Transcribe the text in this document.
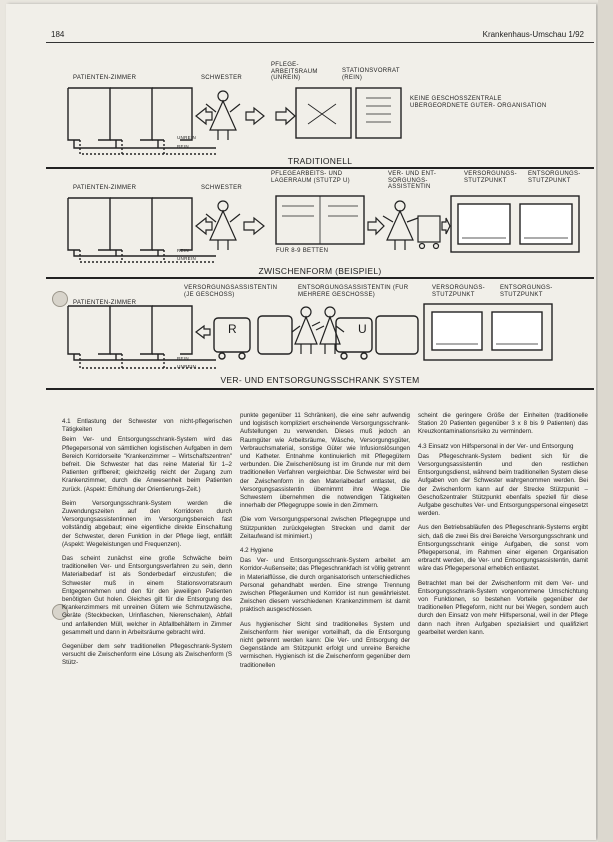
184	Krankenhaus-Umschau 1/92
PATIENTEN-ZIMMER	SCHWESTER
PFLEGE- ARBEITSRAUM (UNREIN)
STATIONSVORRAT (REIN)
KEINE GESCHOSSZENTRALE UBERGEORDNETE GUTER- ORGANISATION
UNREIN
REIN
TRADITIONELL
PATIENTEN-ZIMMER	SCHWESTER
PFLEGEARBEITS- UND LAGERRAUM (STUTZP U)
VER- UND ENT- SORGUNGS- ASSISTENTIN
VERSORGUNGS- STUTZPUNKT
ENTSORGUNGS- STUTZPUNKT
FUR 8-9 BETTEN
REIN
UNREIN
ZWISCHENFORM (BEISPIEL)
PATIENTEN-ZIMMER
VERSORGUNGSASSISTENTIN (JE GESCHOSS)
ENTSORGUNGSASSISTENTIN (FUR MEHRERE GESCHOSSE)
VERSORGUNGS- STUTZPUNKT
ENTSORGUNGS- STUTZPUNKT
REIN
UNREIN
R	U
VER- UND ENTSORGUNGSSCHRANK SYSTEM
4.1 Entlastung der Schwester von nicht-pflegerischen Tätigkeiten

Beim Ver- und Entsorgungsschrank-System wird das Pflegepersonal von sämtlichen logistischen Aufgaben in dem Bereich Korridorseite "Krankenzimmer – Wirtschaftszentren" befreit. Die Schwester hat das reine Material für 1–2 Patienten griffbereit; gleichzeitig reicht der Zugang zum Krankenzimmer, durch die Anwesenheit beim Patienten zurück. (Aspekt: Erhöhung der Orientierungs-Zeit.)

Beim Versorgungsschrank-System werden die Zuwendungszeiten auf den Korridoren durch Versorgungsassistentinnen im Versorgungsbereich fast vollständig abgebaut; eine eigentliche direkte Einschaltung der Schwester, deren Funktion in der Pflege liegt, entfällt (Aspekt: Wegeleistungen und Frequenzen).

Das scheint zunächst eine große Schwäche beim traditionellen Ver- und Entsorgungsverfahren zu sein, denn Materialbedarf ist als Sonderbedarf einzustufen; die Schwester muß in einem Stationsvorratsraum Entgegennehmen und den für den jeweiligen Patienten benötigten Gut holen. Gleiches gilt für die Entsorgung des Krankenzimmers mit unreinen Gütern wie Schmutzwäsche, Geräte (Steckbecken, Urinflaschen, Nierenschalen), Abfall und anfallenden Müll, welcher in Abfallbehältern in Zimmer gesammelt und dann in Arbeitsräume gebracht wird.

Gegenüber dem sehr traditionellen Pflegeschrank-System versucht die Zwischenform eine Lösung als Zwischenform (S Stütz-

punkte gegenüber 11 Schränken), die eine sehr aufwendig und logistisch kompliziert erscheinende Versorgungsschrank-Aufstellungen zu verwenden. Dieses muß jedoch an Raumgüter wie Arbeitsräume, Wäsche, Versorgungsgüter, Verbrauchsmaterial, sonstige Güter wie Infusionslösungen und Katheter. Entnahme kontinuierlich mit Pflegegütern verbunden. Die Zwischenlösung ist im Grunde nur mit dem traditionellen Verfahren vergleichbar. Die Schwester wird bei der Zwischenform in den Materialbedarf entlastet, die Versorgungsassistentin übernimmt ihre Wege. Die Schwestern übernehmen die notwendigen Tätigkeiten innerhalb der Pflegegruppe sowie in den Zimmern.

(Die vom Versorgungspersonal zwischen Pflegegruppe und Stützpunkten zurückgelegten Strecken und damit der Zeitaufwand ist minimiert.)

4.2 Hygiene

Das Ver- und Entsorgungsschrank-System arbeitet am Korridor-Außenseite; das Pflegeschrankfach ist völlig getrennt in Materialflüsse, die durch organisatorisch unterschiedliches Personal gehandhabt werden. Eine strenge Trennung zwischen Pflegeräumen und Korridor ist nun gewährleistet. Zwischen diesem verschiedenen Krankenzimmern ist damit praktisch ausgeschlossen.

Aus hygienischer Sicht sind traditionelles System und Zwischenform hier weniger vorteilhaft, da die Entsorgung nicht getrennt werden kann: Die Ver- und Entsorgung der Gegenstände am Stützpunkt erfolgt und unreine Bereiche vermischen. Hygienisch ist die Zwischenform gegenüber dem traditionellen

scheint die geringere Größe der Einheiten (traditionelle Station 20 Patienten gegenüber 3 x 8 bis 9 Patienten) das Kreuzkontaminationsrisiko zu vermindern.

4.3 Einsatz von Hilfspersonal in der Ver- und Entsorgung

Das Pflegeschrank-System bedient sich für die Versorgungsassistentin und den restlichen Entsorgungsdienst, während beim traditionellen System diese Aufgaben von der Schwester wahrgenommen werden. Bei der Zwischenform kann auf der Strecke Stützpunkt – Geschoßzentraler Stützpunkt ebenfalls speziell für diese Aufgabe geschultes Ver- und Entsorgungspersonal eingesetzt werden.

Aus den Betriebsabläufen des Pflegeschrank-Systems ergibt sich, daß die zwei Bis drei Bereiche Versorgungsschrank und Entsorgungsschrank einige Aufgaben, die sonst vom Pflegepersonal, im Rahmen einer eigenen Organisation erbracht werden, die Ver- und Entsorgungsassistentin, damit wäre das Pflegepersonal erheblich entlastet.

Betrachtet man bei der Zwischenform mit dem Ver- und Entsorgungsschrank-System vorgenommene Umschichtung von Funktionen, so bestehen Vorteile gegenüber der traditionellen Pflegeform, nicht nur bei Wegen, sondern auch durch den Einsatz von mehr Hilfspersonal, weil in der Pflege dann nach ihren Aufgaben spezialisiert und qualifiziert gearbeitet werden kann.
